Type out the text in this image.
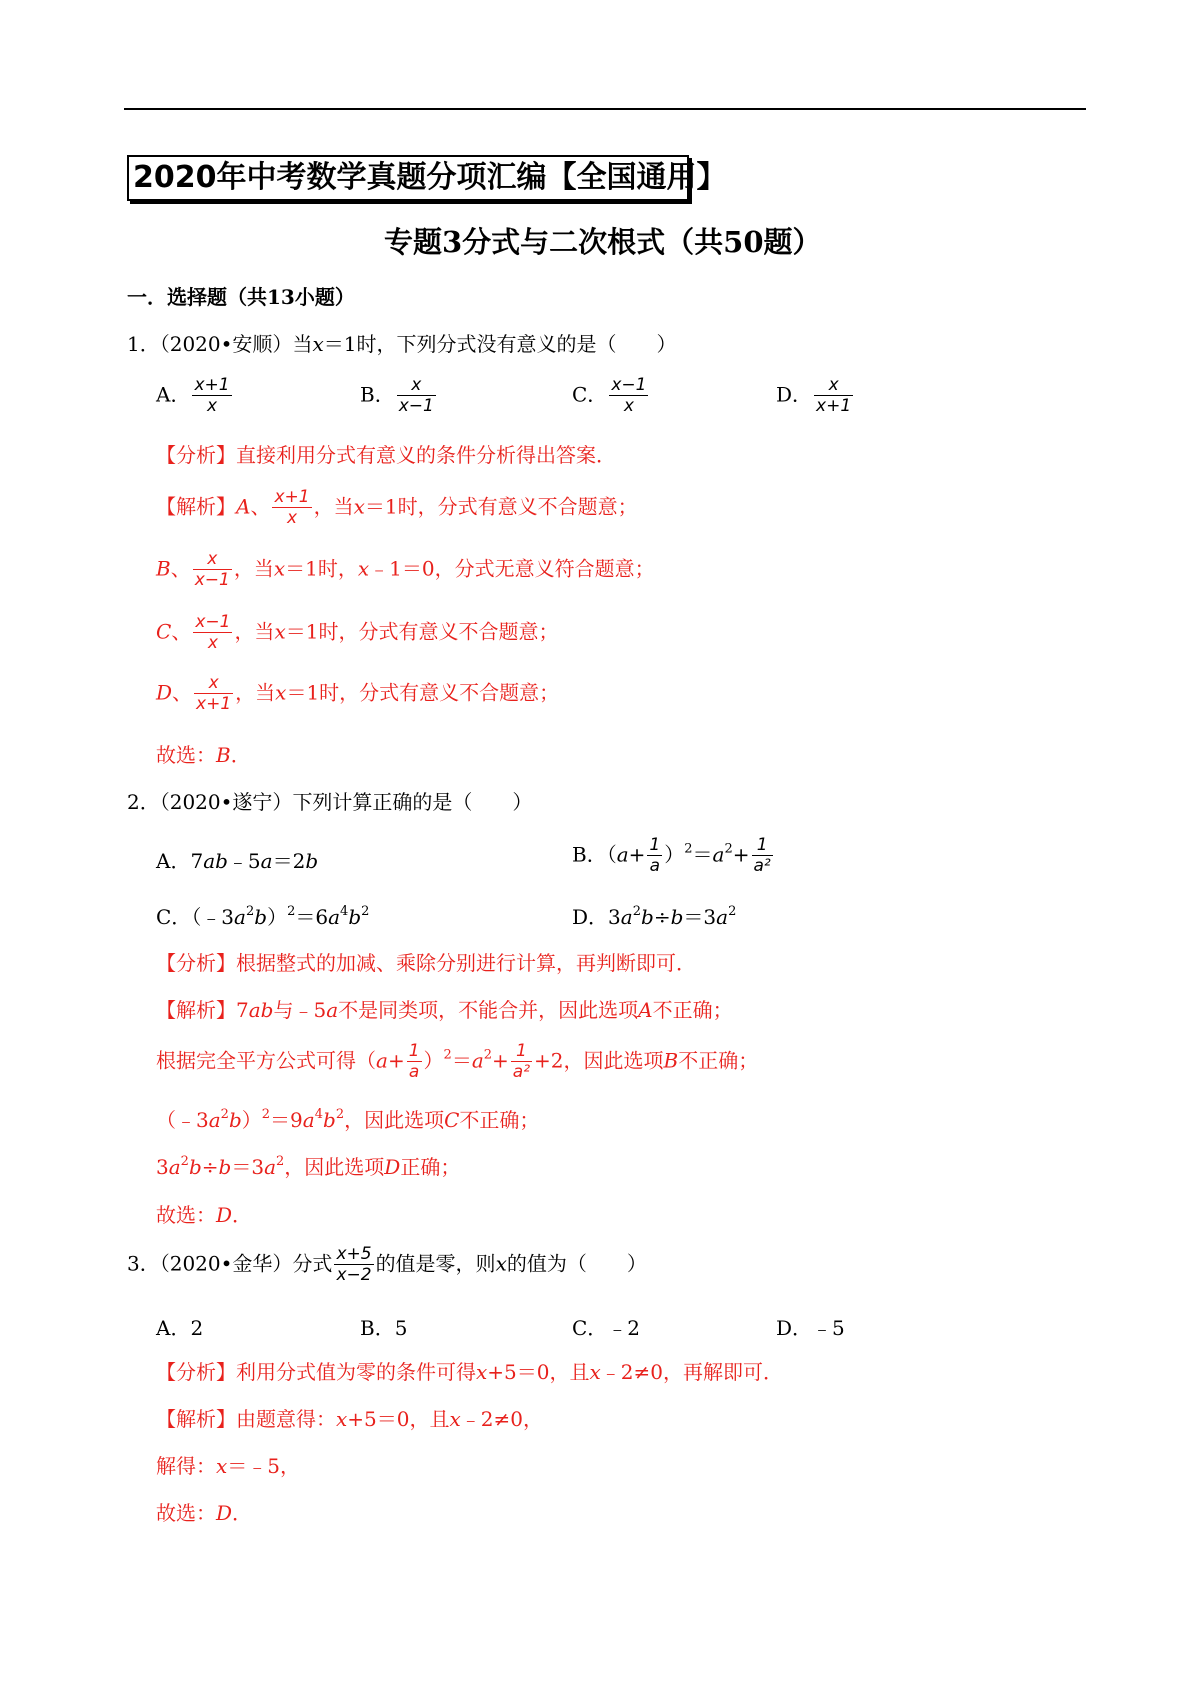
2020年中考数学真题分项汇编【全国通用】
专题3分式与二次根式（共50题）
一．选择题（共13小题）
1．（2020•安顺）当x＝1时，下列分式没有意义的是（　　）
A． $\frac{x+1}{x}$	B． $\frac{x}{x-1}$	C． $\frac{x-1}{x}$	D． $\frac{x}{x+1}$
【分析】直接利用分式有意义的条件分析得出答案．
【解析】A、 $\frac{x+1}{x}$ ，当x＝1时，分式有意义不合题意；
B、 $\frac{x}{x-1}$ ，当x＝1时，x﹣1＝0，分式无意义符合题意；
C、 $\frac{x-1}{x}$ ，当x＝1时，分式有意义不合题意；
D、 $\frac{x}{x+1}$ ，当x＝1时，分式有意义不合题意；
故选：B．
2．（2020•遂宁）下列计算正确的是（　　）
A．7ab﹣5a＝2b	B．$(a+ \frac{1}{a} )^2=a^2+ \frac{1}{\text{a²}}$
C．$(﹣3a^2b)^2=6a^4b^2$	D．$3a^2b\div b=3a^2$
【分析】根据整式的加减、乘除分别进行计算，再判断即可．
【解析】7ab与﹣5a不是同类项，不能合并，因此选项A不正确；
根据完全平方公式可得$(a+ \frac{1}{a} )^2=a^2+ \frac{1}{\text{a²}} +2$，因此选项B不正确；
$(﹣3a^2b)^2=9a^4b^2$，因此选项C不正确；
$3a^2b\div b=3a^2$，因此选项D正确；
故选：D．
3．（2020•金华）分式 $\frac{x+5}{x-2}$ 的值是零，则x的值为（　　）
A．2	B．5	C．﹣2	D．﹣5
【分析】利用分式值为零的条件可得x+5＝0，且x﹣2≠0，再解即可．
【解析】由题意得：x+5＝0，且x﹣2≠0，
解得：x＝﹣5，
故选：D．
